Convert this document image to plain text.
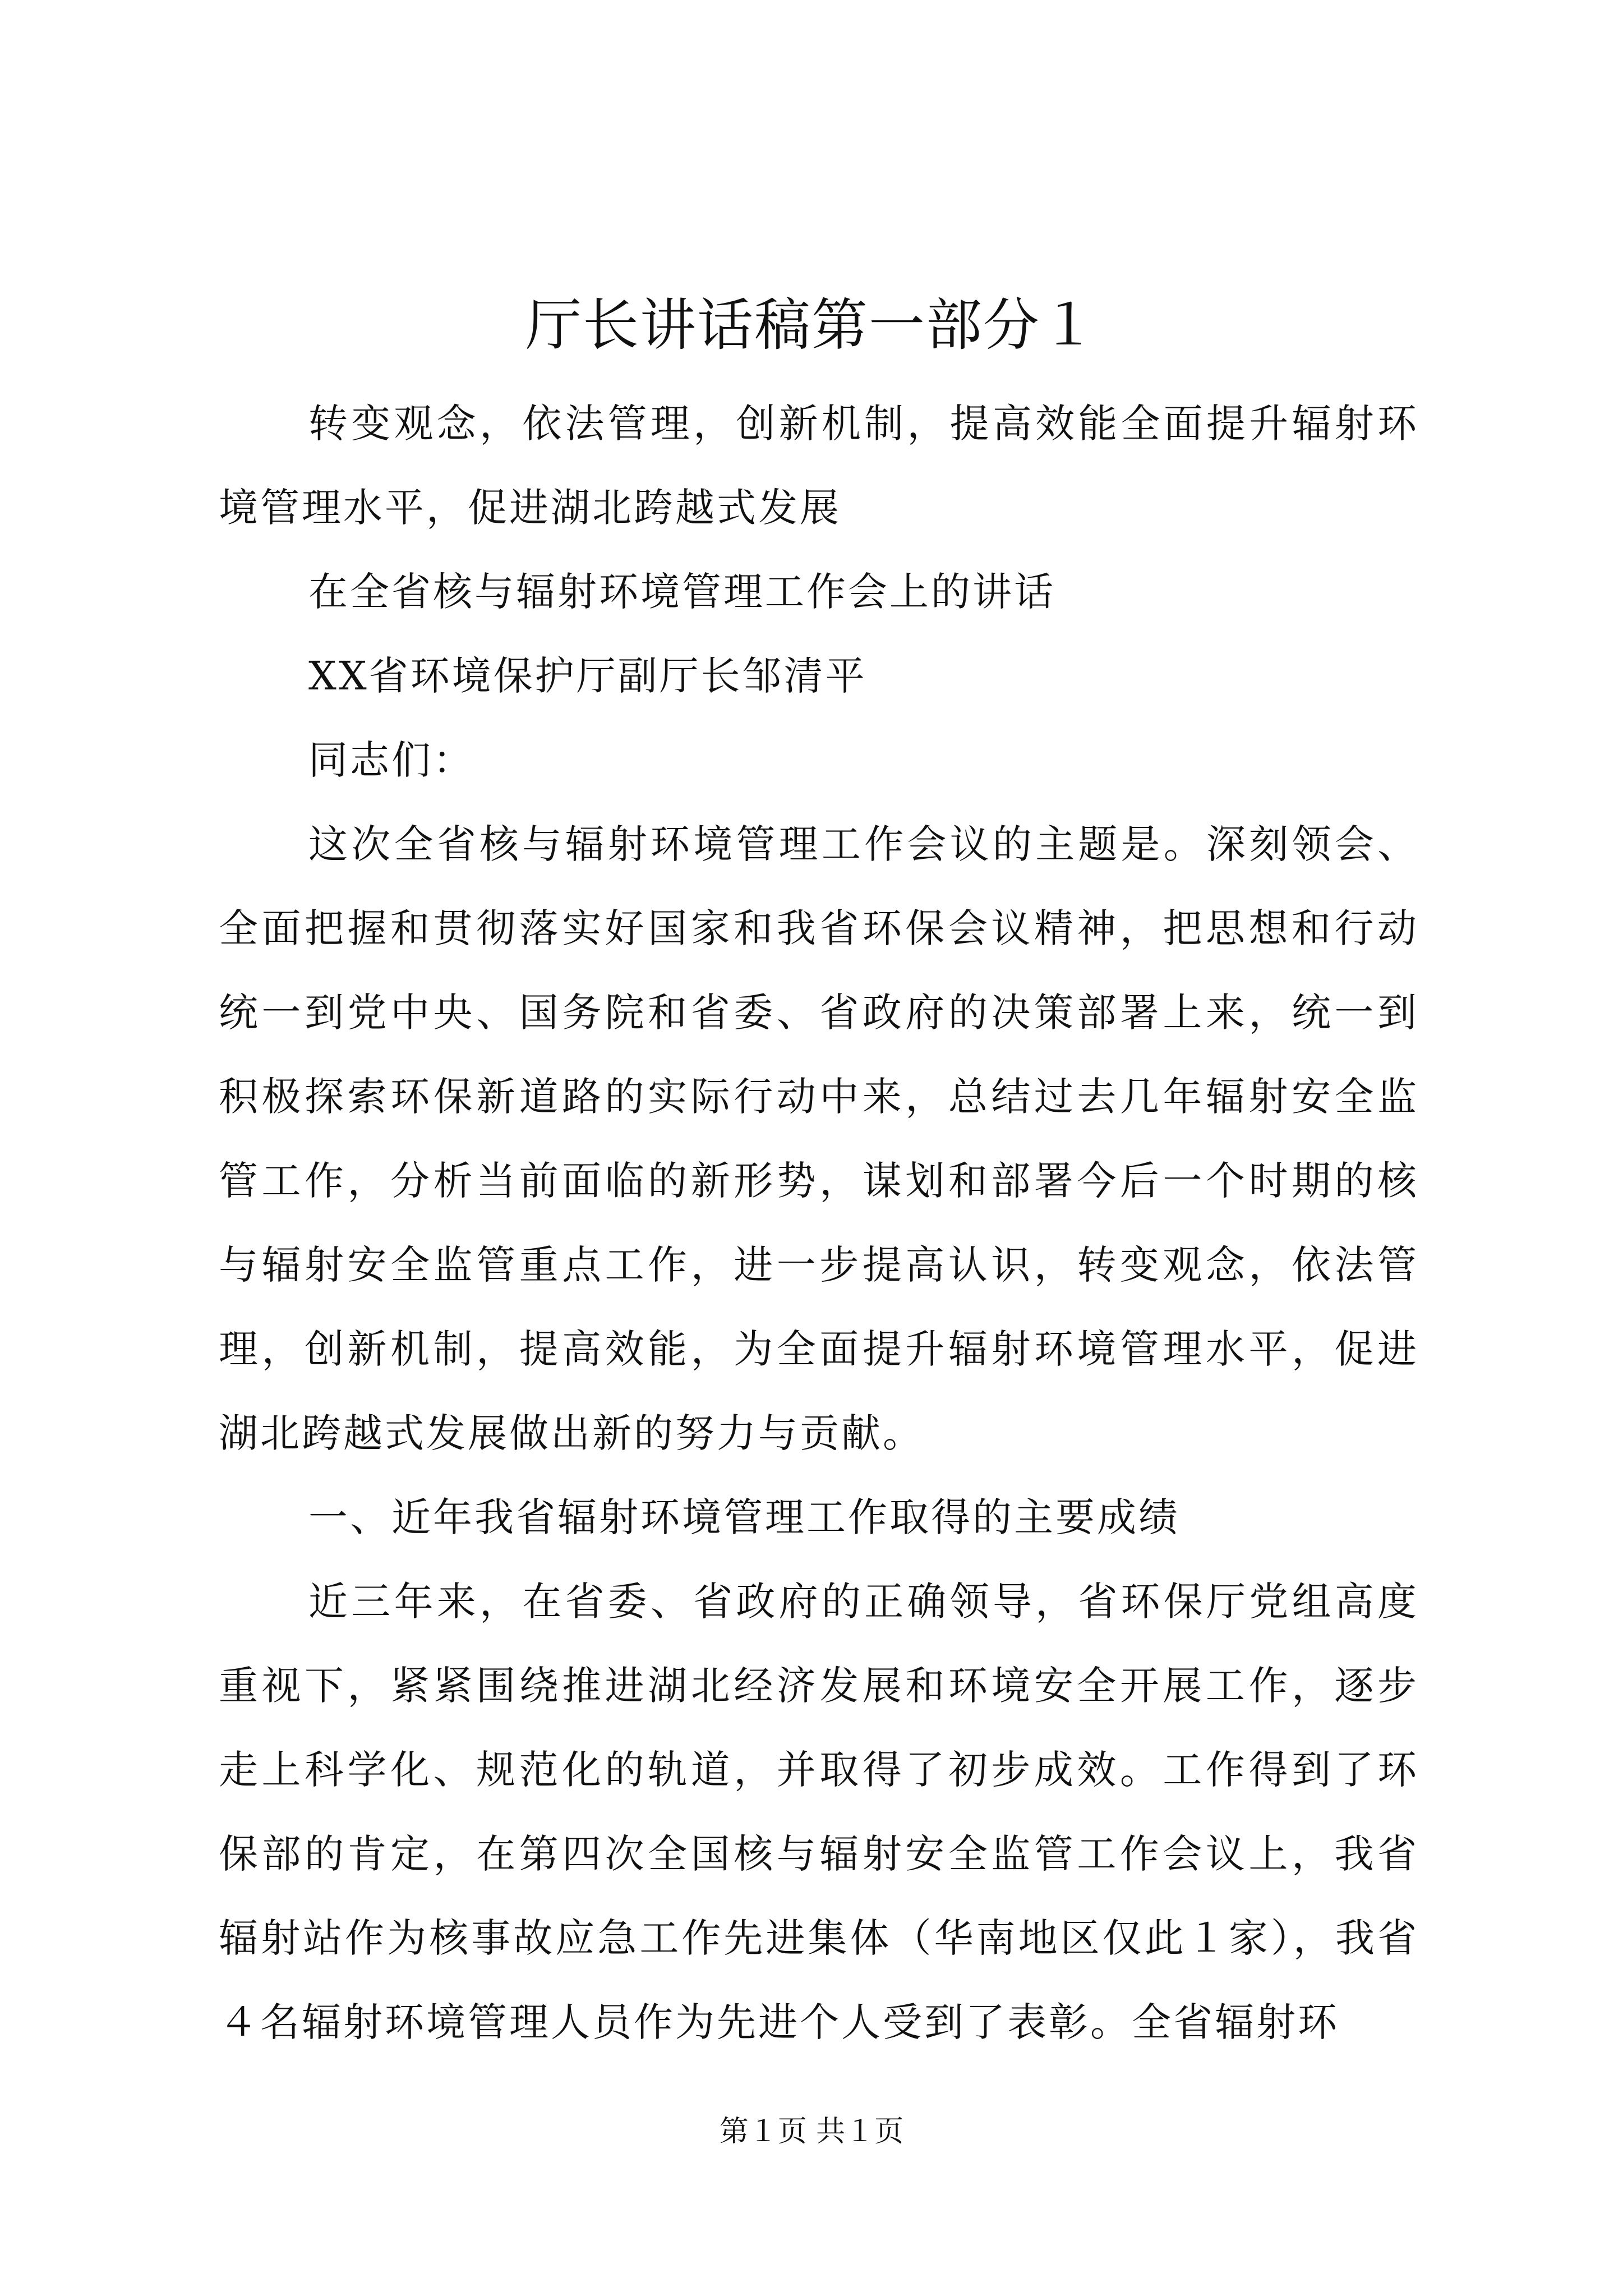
厅长讲话稿第一部分１

转变观念，依法管理，创新机制，提高效能全面提升辐射环境管理水平，促进湖北跨越式发展

在全省核与辐射环境管理工作会上的讲话

XX省环境保护厅副厅长邹清平

同志们：

这次全省核与辐射环境管理工作会议的主题是。深刻领会、全面把握和贯彻落实好国家和我省环保会议精神，把思想和行动统一到党中央、国务院和省委、省政府的决策部署上来，统一到积极探索环保新道路的实际行动中来，总结过去几年辐射安全监管工作，分析当前面临的新形势，谋划和部署今后一个时期的核与辐射安全监管重点工作，进一步提高认识，转变观念，依法管理，创新机制，提高效能，为全面提升辐射环境管理水平，促进湖北跨越式发展做出新的努力与贡献。

一、近年我省辐射环境管理工作取得的主要成绩

近三年来，在省委、省政府的正确领导，省环保厅党组高度重视下，紧紧围绕推进湖北经济发展和环境安全开展工作，逐步走上科学化、规范化的轨道，并取得了初步成效。工作得到了环保部的肯定，在第四次全国核与辐射安全监管工作会议上，我省辐射站作为核事故应急工作先进集体（华南地区仅此１家），我省４名辐射环境管理人员作为先进个人受到了表彰。全省辐射环

第１页 共１页
